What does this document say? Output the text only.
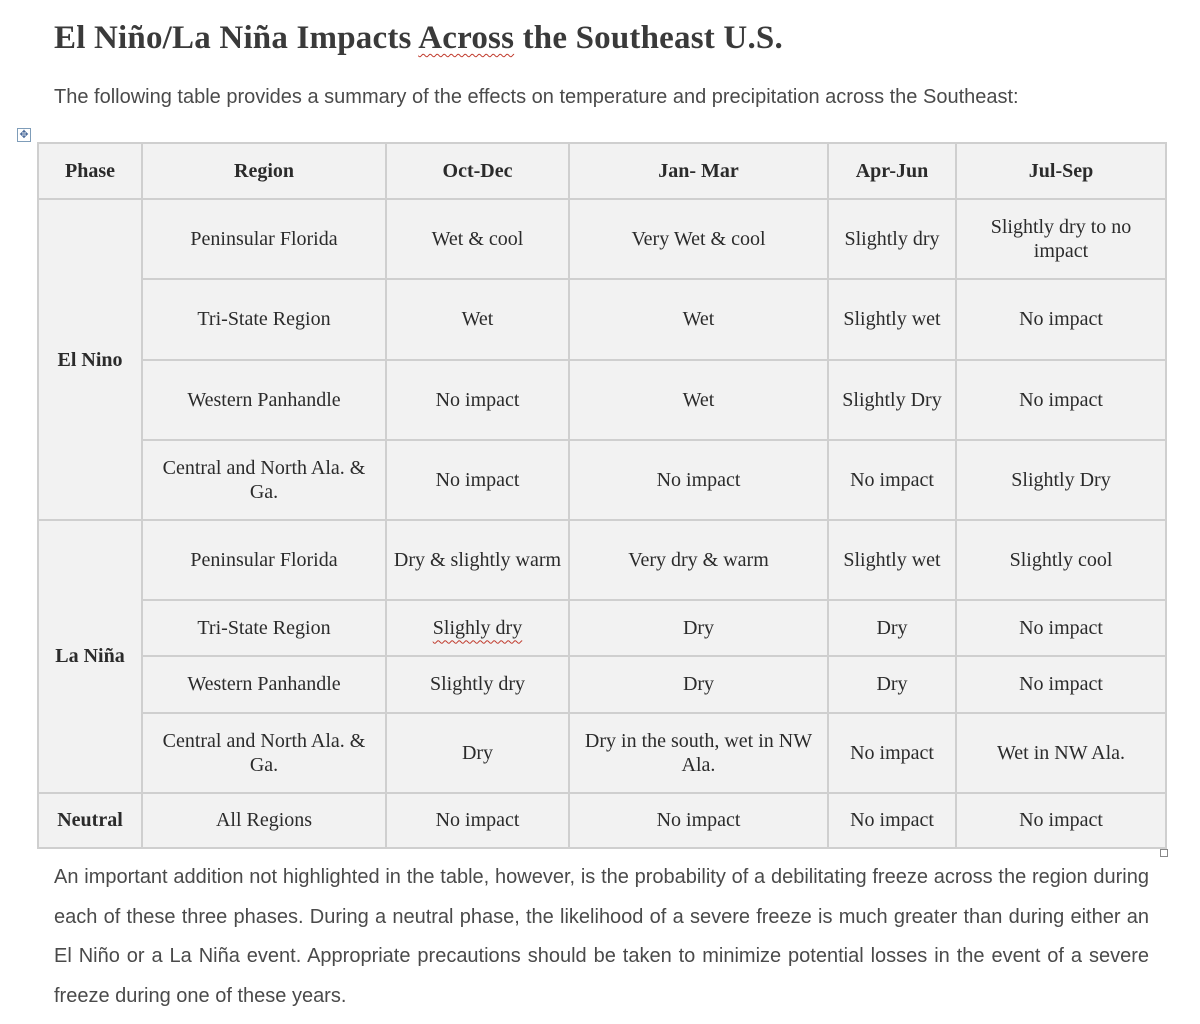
El Niño/La Niña Impacts Across the Southeast U.S.
The following table provides a summary of the effects on temperature and precipitation across the Southeast:
✥
Phase	Region	Oct-Dec	Jan- Mar	Apr-Jun	Jul-Sep
El Nino	Peninsular Florida	Wet & cool	Very Wet & cool	Slightly dry	Slightly dry to no impact
	Tri-State Region	Wet	Wet	Slightly wet	No impact
	Western Panhandle	No impact	Wet	Slightly Dry	No impact
	Central and North Ala. & Ga.	No impact	No impact	No impact	Slightly Dry
La Niña	Peninsular Florida	Dry & slightly warm	Very dry & warm	Slightly wet	Slightly cool
	Tri-State Region	Slighly dry	Dry	Dry	No impact
	Western Panhandle	Slightly dry	Dry	Dry	No impact
	Central and North Ala. & Ga.	Dry	Dry in the south, wet in NW Ala.	No impact	Wet in NW Ala.
Neutral	All Regions	No impact	No impact	No impact	No impact
An important addition not highlighted in the table, however, is the probability of a debilitating freeze across the region during each of these three phases. During a neutral phase, the likelihood of a severe freeze is much greater than during either an El Niño or a La Niña event. Appropriate precautions should be taken to minimize potential losses in the event of a severe freeze during one of these years.
